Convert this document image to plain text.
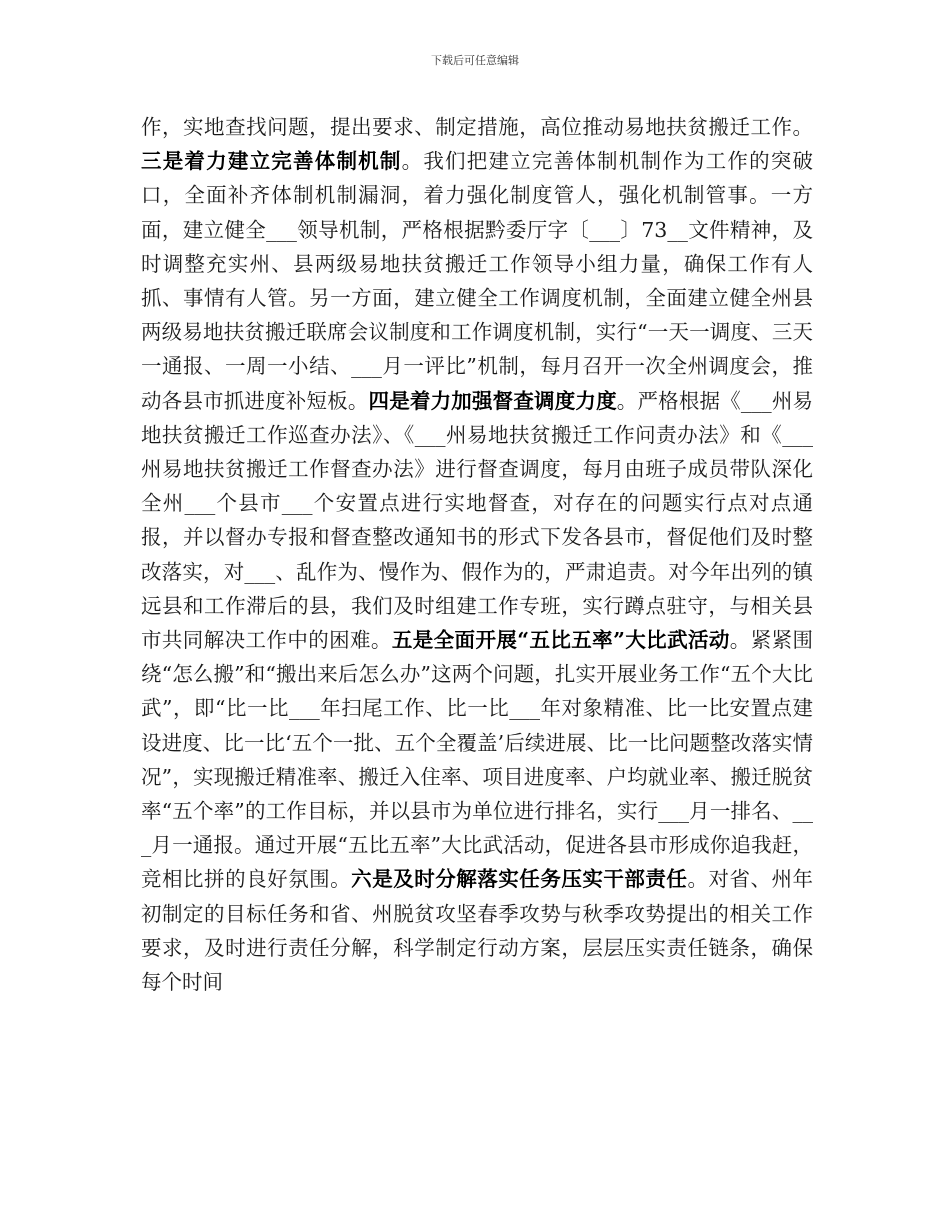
下载后可任意编辑
作，实地查找问题，提出要求、制定措施，高位推动易地扶贫搬迁工作。三是着力建立完善体制机制。我们把建立完善体制机制作为工作的突破口，全面补齐体制机制漏洞，着力强化制度管人，强化机制管事。一方面，建立健全___领导机制，严格根据黔委厅字〔___〕73__文件精神，及时调整充实州、县两级易地扶贫搬迁工作领导小组力量，确保工作有人抓、事情有人管。另一方面，建立健全工作调度机制，全面建立健全州县两级易地扶贫搬迁联席会议制度和工作调度机制，实行“一天一调度、三天一通报、一周一小结、___月一评比”机制，每月召开一次全州调度会，推动各县市抓进度补短板。四是着力加强督查调度力度。严格根据《___州易地扶贫搬迁工作巡查办法》、《___州易地扶贫搬迁工作问责办法》和《___州易地扶贫搬迁工作督查办法》进行督查调度，每月由班子成员带队深化全州___个县市___个安置点进行实地督查，对存在的问题实行点对点通报，并以督办专报和督查整改通知书的形式下发各县市，督促他们及时整改落实，对___、乱作为、慢作为、假作为的，严肃追责。对今年出列的镇远县和工作滞后的县，我们及时组建工作专班，实行蹲点驻守，与相关县市共同解决工作中的困难。五是全面开展“五比五率”大比武活动。紧紧围绕“怎么搬”和“搬出来后怎么办”这两个问题，扎实开展业务工作“五个大比武”，即“比一比___年扫尾工作、比一比___年对象精准、比一比安置点建设进度、比一比‘五个一批、五个全覆盖’后续进展、比一比问题整改落实情况”，实现搬迁精准率、搬迁入住率、项目进度率、户均就业率、搬迁脱贫率“五个率”的工作目标，并以县市为单位进行排名，实行___月一排名、___月一通报。通过开展“五比五率”大比武活动，促进各县市形成你追我赶，竞相比拼的良好氛围。六是及时分解落实任务压实干部责任。对省、州年初制定的目标任务和省、州脱贫攻坚春季攻势与秋季攻势提出的相关工作要求，及时进行责任分解，科学制定行动方案，层层压实责任链条，确保每个时间
